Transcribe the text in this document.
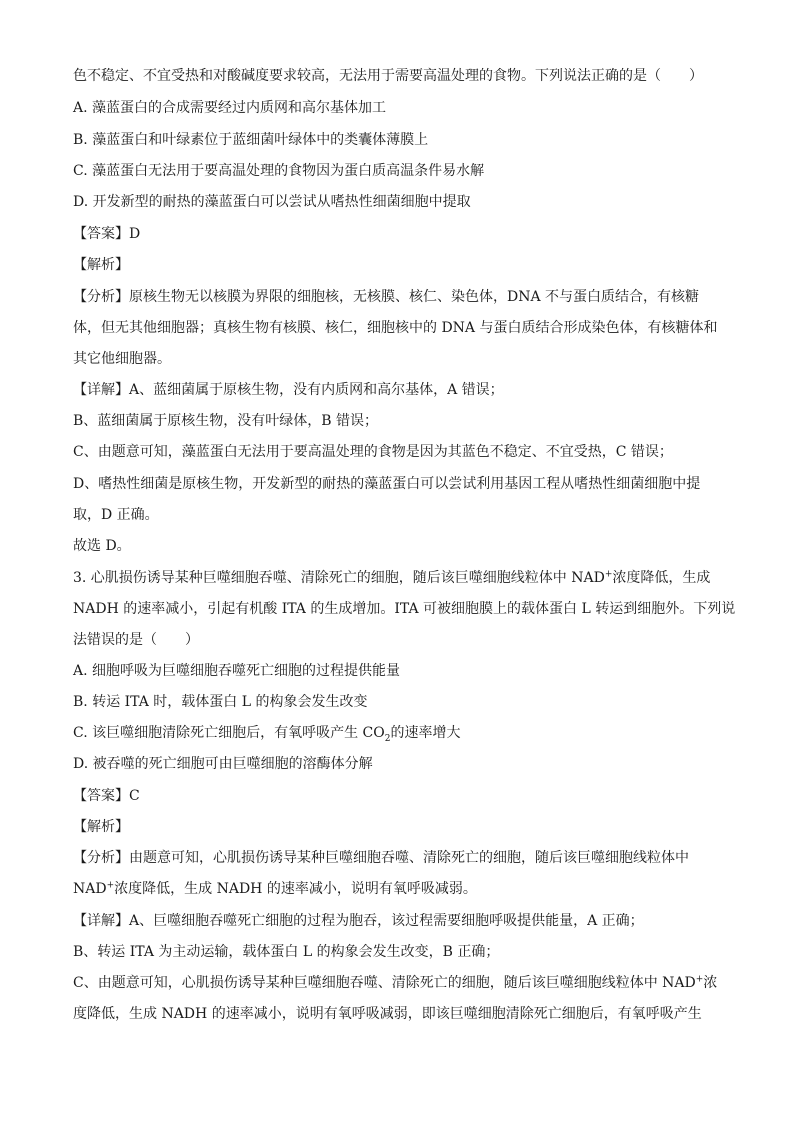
色不稳定、不宜受热和对酸碱度要求较高，无法用于需要高温处理的食物。下列说法正确的是（　　）
A. 藻蓝蛋白的合成需要经过内质网和高尔基体加工
B. 藻蓝蛋白和叶绿素位于蓝细菌叶绿体中的类囊体薄膜上
C. 藻蓝蛋白无法用于要高温处理的食物因为蛋白质高温条件易水解
D. 开发新型的耐热的藻蓝蛋白可以尝试从嗜热性细菌细胞中提取
【答案】D
【解析】
【分析】原核生物无以核膜为界限的细胞核，无核膜、核仁、染色体，DNA 不与蛋白质结合，有核糖
体，但无其他细胞器；真核生物有核膜、核仁，细胞核中的 DNA 与蛋白质结合形成染色体，有核糖体和
其它他细胞器。
【详解】A、蓝细菌属于原核生物，没有内质网和高尔基体，A 错误；
B、蓝细菌属于原核生物，没有叶绿体，B 错误；
C、由题意可知，藻蓝蛋白无法用于要高温处理的食物是因为其蓝色不稳定、不宜受热，C 错误；
D、嗜热性细菌是原核生物，开发新型的耐热的藻蓝蛋白可以尝试利用基因工程从嗜热性细菌细胞中提
取，D 正确。
故选 D。
3. 心肌损伤诱导某种巨噬细胞吞噬、清除死亡的细胞，随后该巨噬细胞线粒体中 NAD+浓度降低，生成
NADH 的速率减小，引起有机酸 ITA 的生成增加。ITA 可被细胞膜上的载体蛋白 L 转运到细胞外。下列说
法错误的是（　　）
A. 细胞呼吸为巨噬细胞吞噬死亡细胞的过程提供能量
B. 转运 ITA 时，载体蛋白 L 的构象会发生改变
C. 该巨噬细胞清除死亡细胞后，有氧呼吸产生 $CO_2$的速率增大
D. 被吞噬的死亡细胞可由巨噬细胞的溶酶体分解
【答案】C
【解析】
【分析】由题意可知，心肌损伤诱导某种巨噬细胞吞噬、清除死亡的细胞，随后该巨噬细胞线粒体中
NAD+浓度降低，生成 NADH 的速率减小，说明有氧呼吸减弱。
【详解】A、巨噬细胞吞噬死亡细胞的过程为胞吞，该过程需要细胞呼吸提供能量，A 正确；
B、转运 ITA 为主动运输，载体蛋白 L 的构象会发生改变，B 正确；
C、由题意可知，心肌损伤诱导某种巨噬细胞吞噬、清除死亡的细胞，随后该巨噬细胞线粒体中 NAD+浓
度降低，生成 NADH 的速率减小，说明有氧呼吸减弱，即该巨噬细胞清除死亡细胞后，有氧呼吸产生
